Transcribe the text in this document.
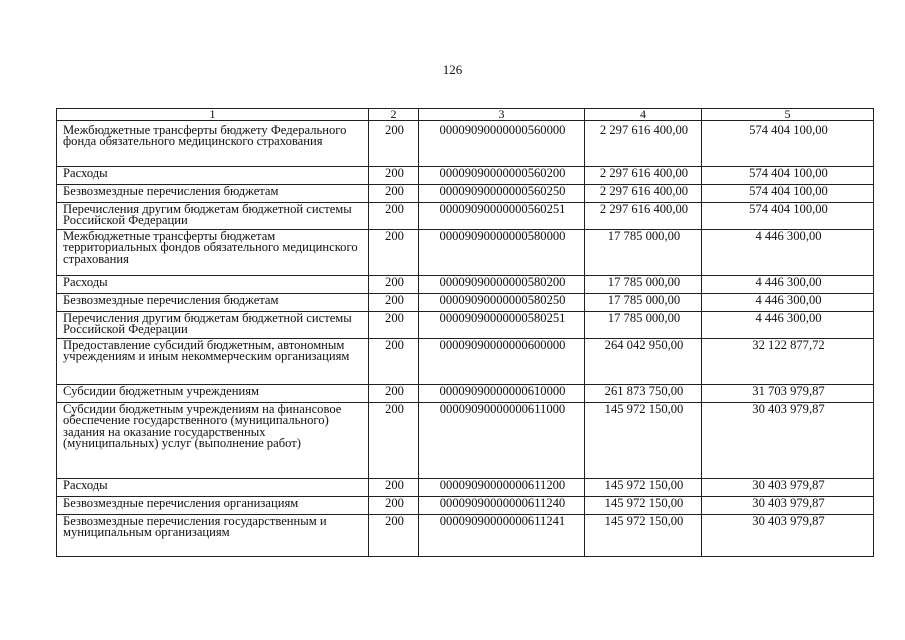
126
1	2	3	4	5
Межбюджетные трансферты бюджету Федерального фонда обязательного медицинского страхования	200	00009090000000560000	2 297 616 400,00	574 404 100,00
Расходы	200	00009090000000560200	2 297 616 400,00	574 404 100,00
Безвозмездные перечисления бюджетам	200	00009090000000560250	2 297 616 400,00	574 404 100,00
Перечисления другим бюджетам бюджетной системы Российской Федерации	200	00009090000000560251	2 297 616 400,00	574 404 100,00
Межбюджетные трансферты бюджетам территориальных фондов обязательного медицинского страхования	200	00009090000000580000	17 785 000,00	4 446 300,00
Расходы	200	00009090000000580200	17 785 000,00	4 446 300,00
Безвозмездные перечисления бюджетам	200	00009090000000580250	17 785 000,00	4 446 300,00
Перечисления другим бюджетам бюджетной системы Российской Федерации	200	00009090000000580251	17 785 000,00	4 446 300,00
Предоставление субсидий бюджетным, автономным учреждениям и иным некоммерческим организациям	200	00009090000000600000	264 042 950,00	32 122 877,72
Субсидии бюджетным учреждениям	200	00009090000000610000	261 873 750,00	31 703 979,87
Субсидии бюджетным учреждениям на финансовое обеспечение государственного (муниципального) задания на оказание государственных (муниципальных) услуг (выполнение работ)	200	00009090000000611000	145 972 150,00	30 403 979,87
Расходы	200	00009090000000611200	145 972 150,00	30 403 979,87
Безвозмездные перечисления организациям	200	00009090000000611240	145 972 150,00	30 403 979,87
Безвозмездные перечисления государственным и муниципальным организациям	200	00009090000000611241	145 972 150,00	30 403 979,87
